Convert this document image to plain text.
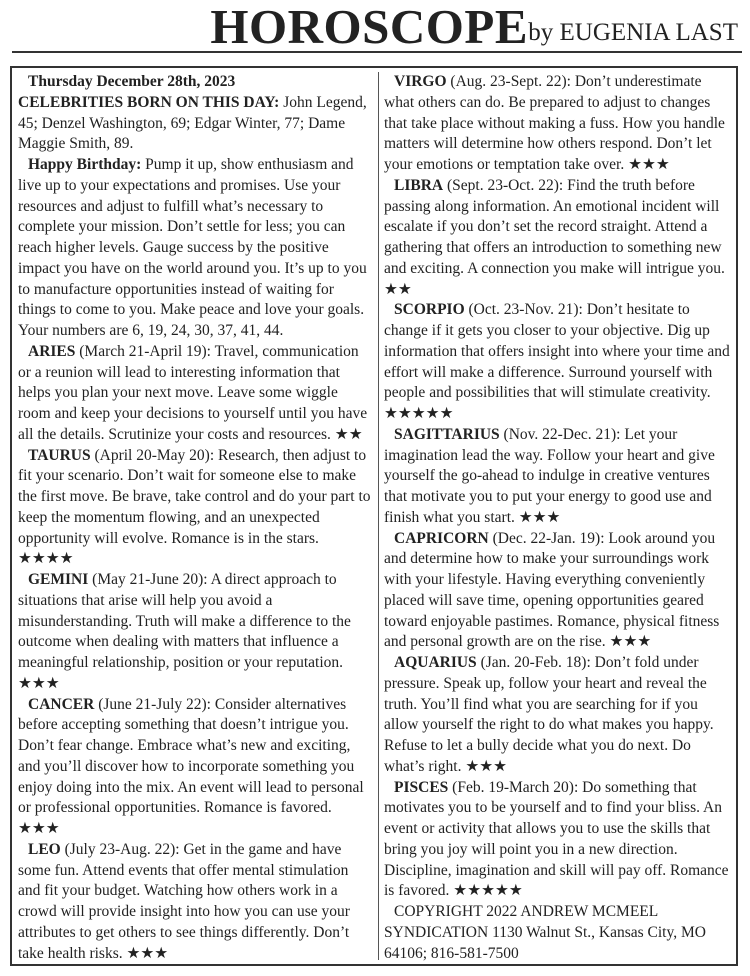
HOROSCOPE by EUGENIA LAST

Thursday December 28th, 2023

CELEBRITIES BORN ON THIS DAY: John Legend, 45; Denzel Washington, 69; Edgar Winter, 77; Dame Maggie Smith, 89.

Happy Birthday: Pump it up, show enthusiasm and live up to your expectations and promises. Use your resources and adjust to fulfill what’s necessary to complete your mission. Don’t settle for less; you can reach higher levels. Gauge success by the positive impact you have on the world around you. It’s up to you to manufacture opportunities instead of waiting for things to come to you. Make peace and love your goals. Your numbers are 6, 19, 24, 30, 37, 41, 44.

ARIES (March 21-April 19): Travel, communication or a reunion will lead to interesting information that helps you plan your next move. Leave some wiggle room and keep your decisions to yourself until you have all the details. Scrutinize your costs and resources. ★★

TAURUS (April 20-May 20): Research, then adjust to fit your scenario. Don’t wait for someone else to make the first move. Be brave, take control and do your part to keep the momentum flowing, and an unexpected opportunity will evolve. Romance is in the stars. ★★★★

GEMINI (May 21-June 20): A direct approach to situations that arise will help you avoid a misunderstanding. Truth will make a difference to the outcome when dealing with matters that influence a meaningful relationship, position or your reputation. ★★★

CANCER (June 21-July 22): Consider alternatives before accepting something that doesn’t intrigue you. Don’t fear change. Embrace what’s new and exciting, and you’ll discover how to incorporate something you enjoy doing into the mix. An event will lead to personal or professional opportunities. Romance is favored. ★★★

LEO (July 23-Aug. 22): Get in the game and have some fun. Attend events that offer mental stimulation and fit your budget. Watching how others work in a crowd will provide insight into how you can use your attributes to get others to see things differently. Don’t take health risks. ★★★

VIRGO (Aug. 23-Sept. 22): Don’t underestimate what others can do. Be prepared to adjust to changes that take place without making a fuss. How you handle matters will determine how others respond. Don’t let your emotions or temptation take over. ★★★

LIBRA (Sept. 23-Oct. 22): Find the truth before passing along information. An emotional incident will escalate if you don’t set the record straight. Attend a gathering that offers an introduction to something new and exciting. A connection you make will intrigue you. ★★

SCORPIO (Oct. 23-Nov. 21): Don’t hesitate to change if it gets you closer to your objective. Dig up information that offers insight into where your time and effort will make a difference. Surround yourself with people and possibilities that will stimulate creativity. ★★★★★

SAGITTARIUS (Nov. 22-Dec. 21): Let your imagination lead the way. Follow your heart and give yourself the go-ahead to indulge in creative ventures that motivate you to put your energy to good use and finish what you start. ★★★

CAPRICORN (Dec. 22-Jan. 19): Look around you and determine how to make your surroundings work with your lifestyle. Having everything conveniently placed will save time, opening opportunities geared toward enjoyable pastimes. Romance, physical fitness and personal growth are on the rise. ★★★

AQUARIUS (Jan. 20-Feb. 18): Don’t fold under pressure. Speak up, follow your heart and reveal the truth. You’ll find what you are searching for if you allow yourself the right to do what makes you happy. Refuse to let a bully decide what you do next. Do what’s right. ★★★

PISCES (Feb. 19-March 20): Do something that motivates you to be yourself and to find your bliss. An event or activity that allows you to use the skills that bring you joy will point you in a new direction. Discipline, imagination and skill will pay off. Romance is favored. ★★★★★

COPYRIGHT 2022 ANDREW MCMEEL SYNDICATION 1130 Walnut St., Kansas City, MO 64106; 816-581-7500
